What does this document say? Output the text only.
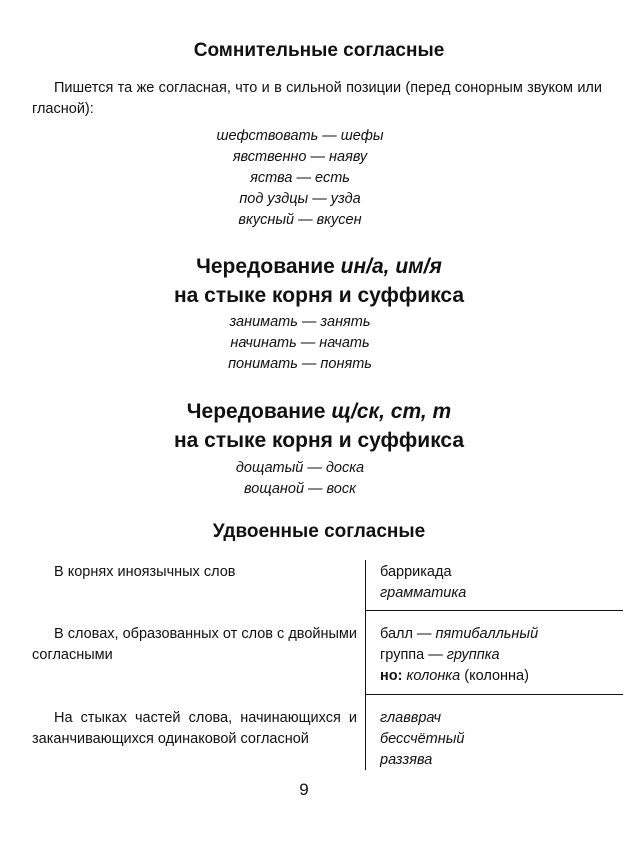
Сомнительные согласные
Пишется та же согласная, что и в сильной позиции (перед сонорным звуком или гласной):
шефствовать — шефы
явственно — наяву
яства — есть
под уздцы — узда
вкусный — вкусен
Чередование ин/а, им/я
на стыке корня и суффикса
занимать — занять
начинать — начать
понимать — понять
Чередование щ/ск, ст, т
на стыке корня и суффикса
дощатый — доска
вощаной — воск
Удвоенные согласные
В корнях иноязычных слов	баррикада
грамматика
В словах, образованных от слов с двойными согласными
балл — пятибалльный
группа — группка
но: колонка (колонна)
На стыках частей слова, начинающихся и заканчивающихся одинаковой согласной
главврач
бессчётный
раззява
9
